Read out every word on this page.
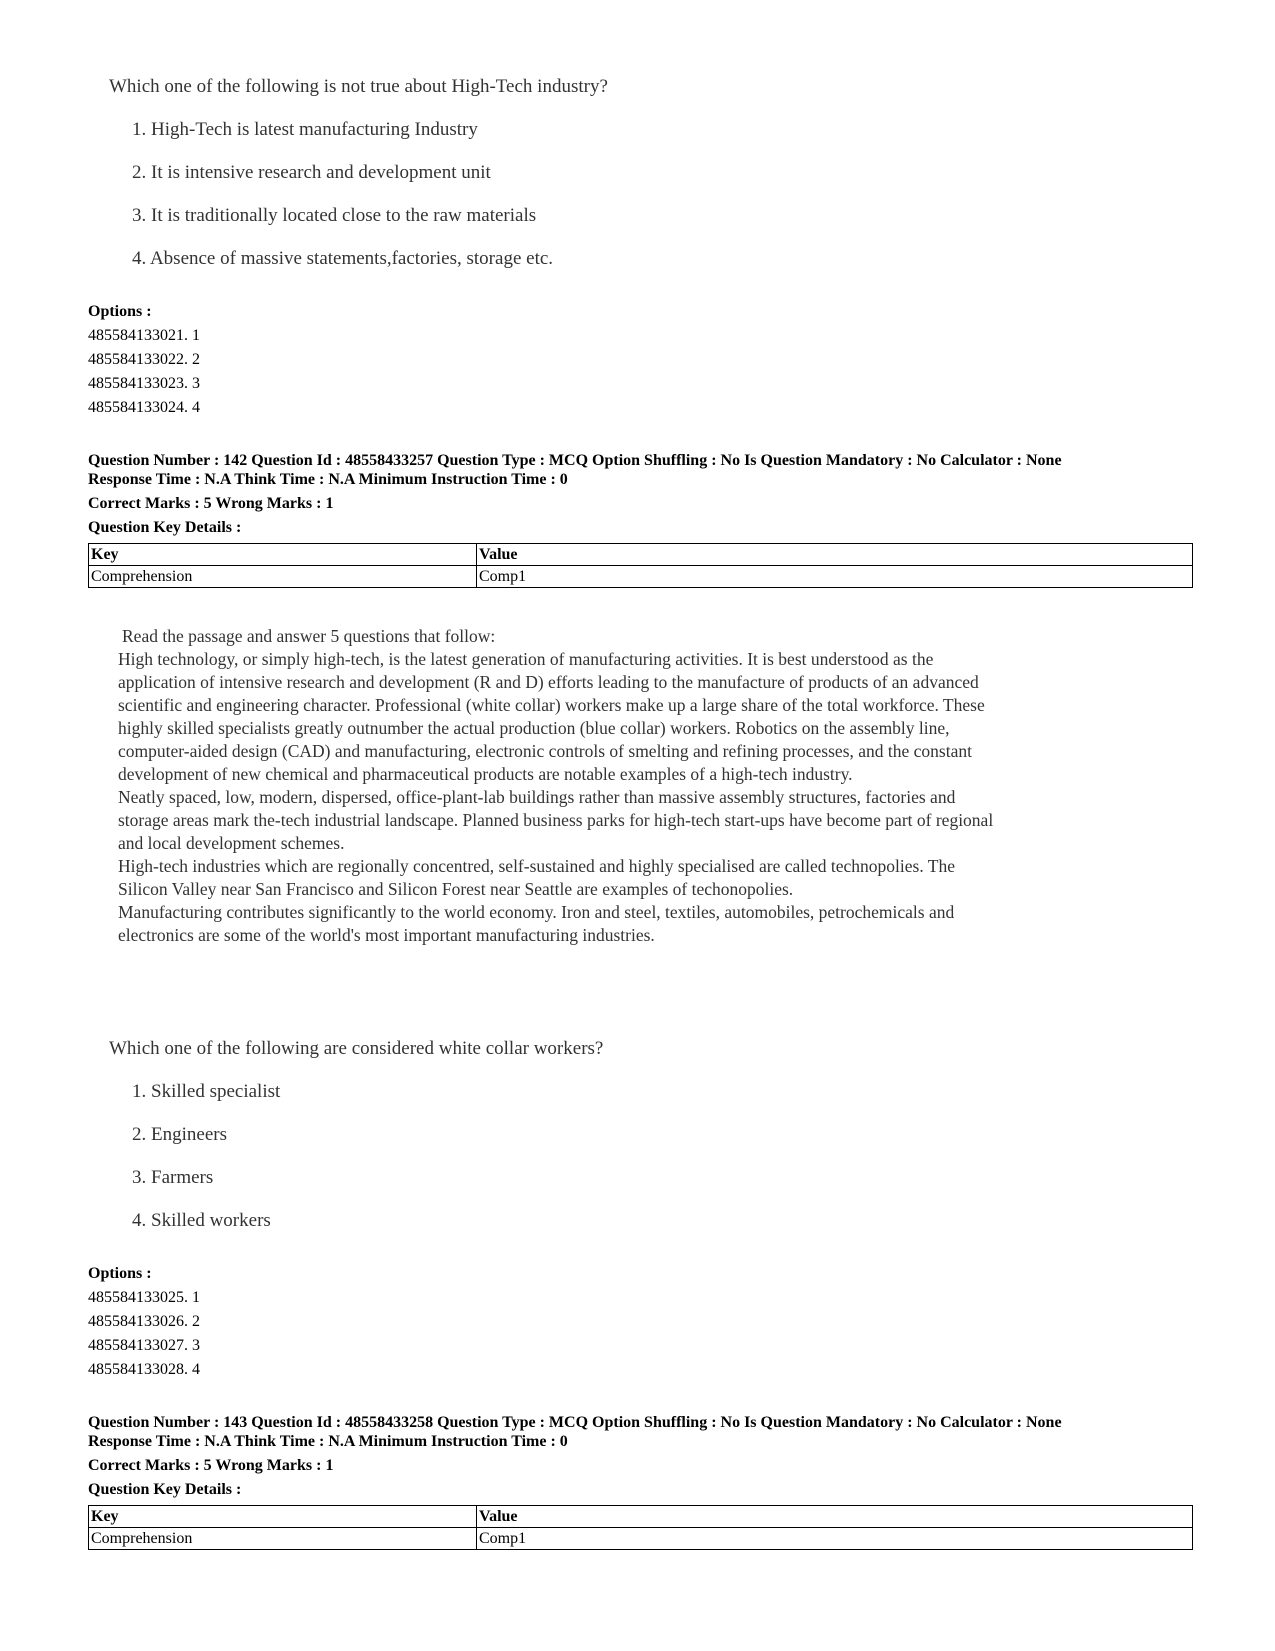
Which one of the following is not true about High-Tech industry?
1. High-Tech is latest manufacturing Industry
2. It is intensive research and development unit
3. It is traditionally located close to the raw materials
4. Absence of massive statements,factories, storage etc.
Options :
485584133021. 1
485584133022. 2
485584133023. 3
485584133024. 4
Question Number : 142 Question Id : 48558433257 Question Type : MCQ Option Shuffling : No Is Question Mandatory : No Calculator : None
Response Time : N.A Think Time : N.A Minimum Instruction Time : 0
Correct Marks : 5 Wrong Marks : 1
Question Key Details :
Key	Value
Comprehension	Comp1

Read the passage and answer 5 questions that follow:

High technology, or simply high-tech, is the latest generation of manufacturing activities. It is best understood as the application of intensive research and development (R and D) efforts leading to the manufacture of products of an advanced scientific and engineering character. Professional (white collar) workers make up a large share of the total workforce. These highly skilled specialists greatly outnumber the actual production (blue collar) workers. Robotics on the assembly line, computer-aided design (CAD) and manufacturing, electronic controls of smelting and refining processes, and the constant development of new chemical and pharmaceutical products are notable examples of a high-tech industry.

Neatly spaced, low, modern, dispersed, office-plant-lab buildings rather than massive assembly structures, factories and storage areas mark the-tech industrial landscape. Planned business parks for high-tech start-ups have become part of regional and local development schemes.

High-tech industries which are regionally concentred, self-sustained and highly specialised are called technopolies. The Silicon Valley near San Francisco and Silicon Forest near Seattle are examples of techonopolies.

Manufacturing contributes significantly to the world economy. Iron and steel, textiles, automobiles, petrochemicals and electronics are some of the world's most important manufacturing industries.

Which one of the following are considered white collar workers?
1. Skilled specialist
2. Engineers
3. Farmers
4. Skilled workers
Options :
485584133025. 1
485584133026. 2
485584133027. 3
485584133028. 4
Question Number : 143 Question Id : 48558433258 Question Type : MCQ Option Shuffling : No Is Question Mandatory : No Calculator : None
Response Time : N.A Think Time : N.A Minimum Instruction Time : 0
Correct Marks : 5 Wrong Marks : 1
Question Key Details :
Key	Value
Comprehension	Comp1
